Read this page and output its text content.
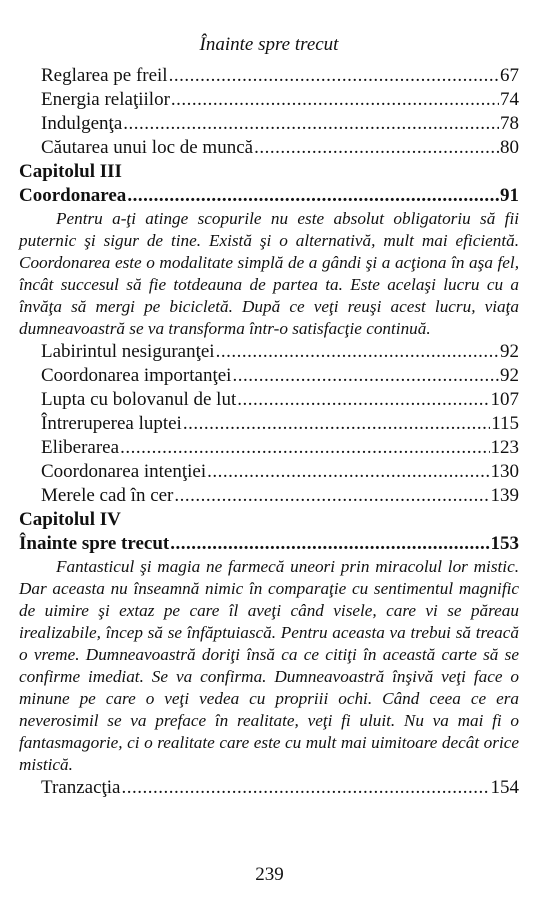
Înainte spre trecut
Reglarea pe freil .....	67
Energia relaţiilor .....	74
Indulgenţa .....	78
Căutarea unui loc de muncă .....	80
Capitolul III
Coordonarea .....	91

Pentru a-ţi atinge scopurile nu este absolut obligatoriu să fii puternic şi sigur de tine. Există şi o alternativă, mult mai eficientă. Coordonarea este o modalitate simplă de a gândi şi a acţiona în aşa fel, încât succesul să fie totdeauna de partea ta. Este acelaşi lucru cu a învăţa să mergi pe bicicletă. După ce veţi reuşi acest lucru, viaţa dumneavoastră se va transforma într-o satisfacţie continuă.

Labirintul nesiguranţei .....	92
Coordonarea importanţei .....	92
Lupta cu bolovanul de lut .....	107
Întreruperea luptei .....	115
Eliberarea .....	123
Coordonarea intenţiei .....	130
Merele cad în cer .....	139
Capitolul IV
Înainte spre trecut .....	153

Fantasticul şi magia ne farmecă uneori prin miracolul lor mistic. Dar aceasta nu înseamnă nimic în comparaţie cu sentimentul magnific de uimire şi extaz pe care îl aveţi când visele, care vi se păreau irealizabile, încep să se înfăptuiască. Pentru aceasta va trebui să treacă o vreme. Dumneavoastră doriţi însă ca ce citiţi în această carte să se confirme imediat. Se va confirma. Dumneavoastră înşivă veţi face o minune pe care o veţi vedea cu propriii ochi. Când ceea ce era neverosimil se va preface în realitate, veţi fi uluit. Nu va mai fi o fantasmagorie, ci o realitate care este cu mult mai uimitoare decât orice mistică.

Tranzacţia .....	154
239
